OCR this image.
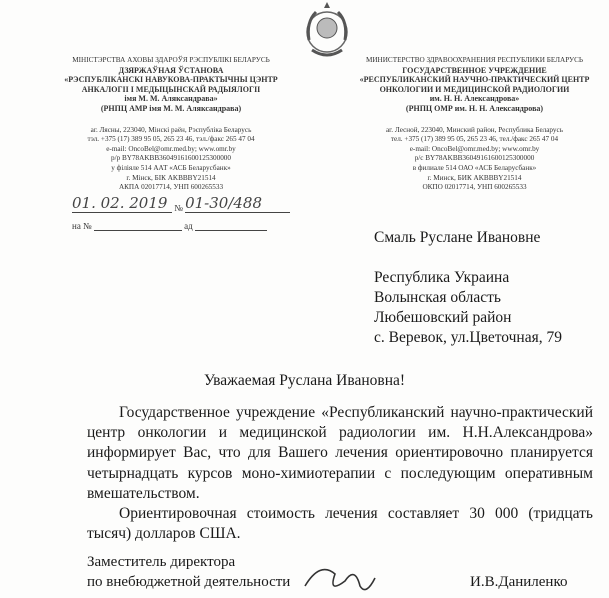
МІНІСТЭРСТВА АХОВЫ ЗДАРОЎЯ РЭСПУБЛІКІ БЕЛАРУСЬ
ДЗЯРЖАЎНАЯ ЎСТАНОВА
«РЭСПУБЛІКАНСКІ НАВУКОВА-ПРАКТЫЧНЫ ЦЭНТР
АНКАЛОГІІ І МЕДЫЦЫНСКАЙ РАДЫЯЛОГІІ
імя М. М. Аляксандрава»
(РНПЦ АМР імя М. М. Аляксандрава)
аг. Лясны, 223040, Мінскі раён, Рэспубліка Беларусь
тэл. +375 (17) 389 95 05, 265 23 46, тэл./факс 265 47 04
e-mail: OncoBel@omr.med.by; www.omr.by
р/р BY78AKBB36049161600125300000
у філіяле 514 ААТ «АСБ Беларусбанк»
г. Мінск, БІК AKBBBY21514
АКПА 02017714, УНП 600265533
МИНИСТЕРСТВО ЗДРАВООХРАНЕНИЯ РЕСПУБЛИКИ БЕЛАРУСЬ
ГОСУДАРСТВЕННОЕ УЧРЕЖДЕНИЕ
«РЕСПУБЛИКАНСКИЙ НАУЧНО-ПРАКТИЧЕСКИЙ ЦЕНТР
ОНКОЛОГИИ И МЕДИЦИНСКОЙ РАДИОЛОГИИ
им. Н. Н. Александрова»
(РНПЦ ОМР им. Н. Н. Александрова)
аг. Лесной, 223040, Минский район, Республика Беларусь
тел. +375 (17) 389 95 05, 265 23 46, тел./факс 265 47 04
e-mail: OncoBel@omr.med.by; www.omr.by
р/с BY78AKBB36049161600125300000
в филиале 514 ОАО «АСБ Беларусбанк»
г. Минск, БИК AKBBBY21514
ОКПО 02017714, УНП 600265533
01. 02. 2019 № 01-30/488
на №	ад
Смаль Руслане Ивановне
Республика Украина
Волынская область
Любешовский район
с. Веревок, ул.Цветочная, 79
Уважаемая Руслана Ивановна!
Государственное учреждение «Республиканский научно-практический центр онкологии и медицинской радиологии им. Н.Н.Александрова» информирует Вас, что для Вашего лечения ориентировочно планируется четырнадцать курсов моно-химиотерапии с последующим оперативным вмешательством.
Ориентировочная стоимость лечения составляет 30 000 (тридцать тысяч) долларов США.
Заместитель директора
по внебюджетной деятельности	И.В.Даниленко
